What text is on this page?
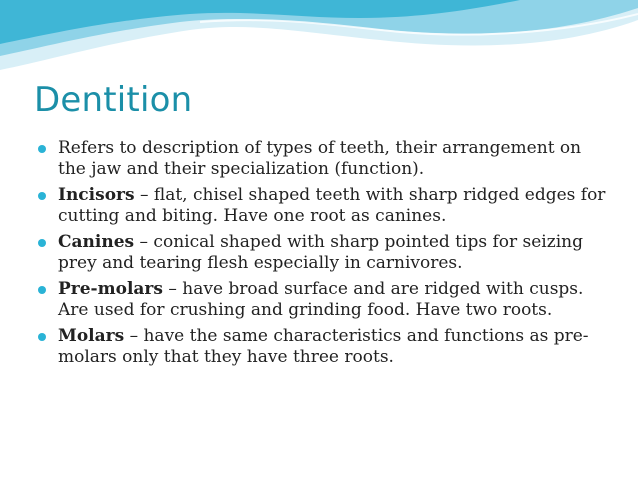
Dentition
Refers to description of types of teeth, their arrangement on the jaw and their specialization (function).
Incisors – flat, chisel shaped teeth with sharp ridged edges for cutting and biting. Have one root as canines.
Canines – conical shaped with sharp pointed tips for seizing prey and tearing flesh especially in carnivores.
Pre-molars – have broad surface and are ridged with cusps. Are used for crushing and grinding food. Have two roots.
Molars – have the same characteristics and functions as pre-molars only that they have three roots.
